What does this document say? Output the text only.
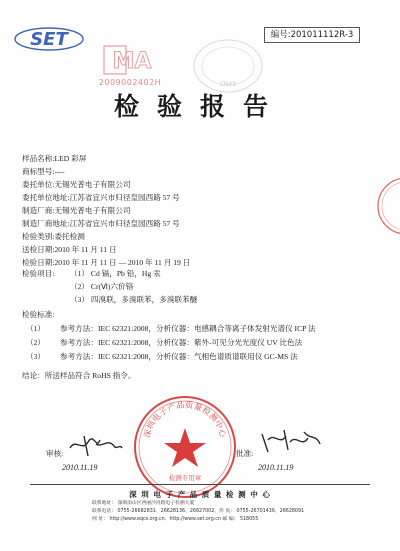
SET	编号:201011112R-3
MA
2009002402H	CNAS
检验报告
样品名称:LED 彩屏
商标型号:----
委托单位:无锡光普电子有限公司
委托单位地址:江苏省宜兴市归径皇园西路 57 号
制造厂商:无锡光普电子有限公司
制造厂商地址:江苏省宜兴市归径皇园西路 57 号
检验类别:委托检测
送检日期:2010 年 11 月 11 日
检验日期:2010 年 11 月 11 日 — 2010 年 11 月 19 日
检验项目: （1） Cd 镉，Pb 铅，Hg 汞
（2） Cr(Ⅵ)六价铬
（3） 四溴联，多溴联苯，多溴联苯醚
检验标准:
（1） 参考方法：IEC 62321:2008，分析仪器：电感耦合等离子体发射光谱仪 ICP 法
（2） 参考方法：IEC 62321:2008，分析仪器：紫外-可见分光光度仪 UV 比色法
（3） 参考方法：IEC 62321:2008，分析仪器：气相色谱质谱联用仪 GC-MS 法
结论：所送样品符合 RoHS 指令。
深圳电子产品质量检测中心
检测专用章
审核:
2010.11.19
批准:
2010.11.19
深 圳 电 子 产 品 质 量 检 测 中 心
联系地址： 深圳南山区西丽沙河路电子检测大厦
联系电话： 0755-26682831、26628136、26627002、传 真： 0755-26701436、26628091
网 址： http://www.eqcs.org.cn、http://www.set.org.cn 邮 编： 518055
